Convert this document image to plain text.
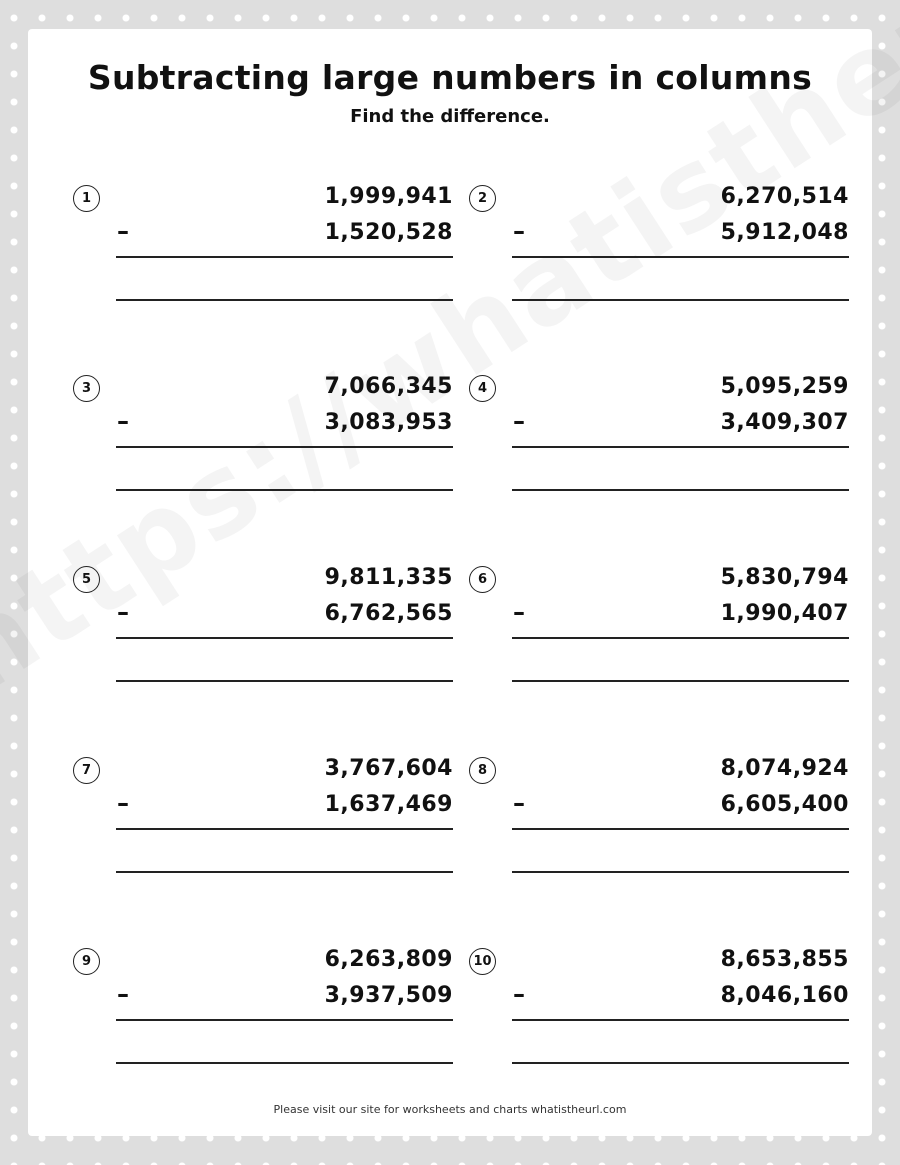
Subtracting large numbers in columns

Find the difference.

1	1,999,941
–	1,520,528
2	6,270,514
–	5,912,048
3	7,066,345
–	3,083,953
4	5,095,259
–	3,409,307
5	9,811,335
–	6,762,565
6	5,830,794
–	1,990,407
7	3,767,604
–	1,637,469
8	8,074,924
–	6,605,400
9	6,263,809
–	3,937,509
10	8,653,855
–	8,046,160

Please visit our site for worksheets and charts whatistheurl.com
